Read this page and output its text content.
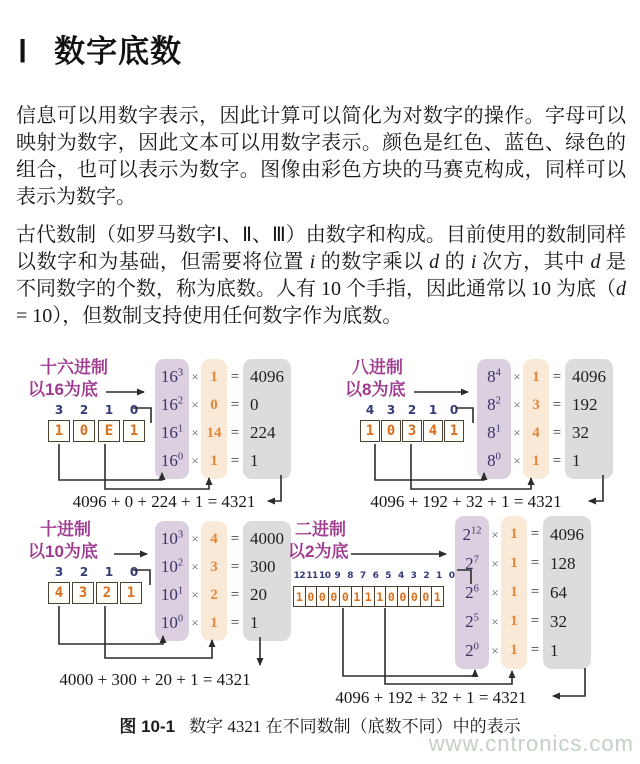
Ⅰ 数字底数

信息可以用数字表示，因此计算可以简化为对数字的操作。字母可以映射为数字，因此文本可以用数字表示。颜色是红色、蓝色、绿色的组合，也可以表示为数字。图像由彩色方块的马赛克构成，同样可以表示为数字。

古代数制（如罗马数字Ⅰ、Ⅱ、Ⅲ）由数字和构成。目前使用的数制同样以数字和为基础，但需要将位置 i 的数字乘以 d 的 i 次方，其中 d 是不同数字的个数，称为底数。人有 10 个手指，因此通常以 10 为底（d = 10），但数制支持使用任何数字作为底数。

十六进制
以16为底
3	2	1	0
1	0	E	1
$16^3 \times 1 = 4096$
$16^2 \times 0 = 0$
$16^1 \times 14 = 224$
$16^0 \times 1 = 1$
4096 + 0 + 224 + 1 = 4321
八进制
以8为底
4	3	2	1	0
1 0 3 4 1
$8^4 \times 1 = 4096$
$8^2 \times 3 = 192$
$8^1 \times 4 = 32$
$8^0 \times 1 = 1$
4096 + 192 + 32 + 1 = 4321
十进制
以10为底
3	2	1	0
4	3	2	1
$10^3 \times 4 = 4000$
$10^2 \times 3 = 300$
$10^1 \times 2 = 20$
$10^0 \times 1 = 1$
4000 + 300 + 20 + 1 = 4321
二进制
以2为底
12 11 10 9 8 7 6 5 4 3 2 1 0
1 0 0 0 0 1 1 1 0 0 0 0 1
$2^{12} \times 1 = 4096$
$2^7 \times 1 = 128$
$2^6 \times 1 = 64$
$2^5 \times 1 = 32$
$2^0 \times 1 = 1$
4096 + 192 + 32 + 1 = 4321
图 10-1 数字 4321 在不同数制（底数不同）中的表示
www.cntronics.com
